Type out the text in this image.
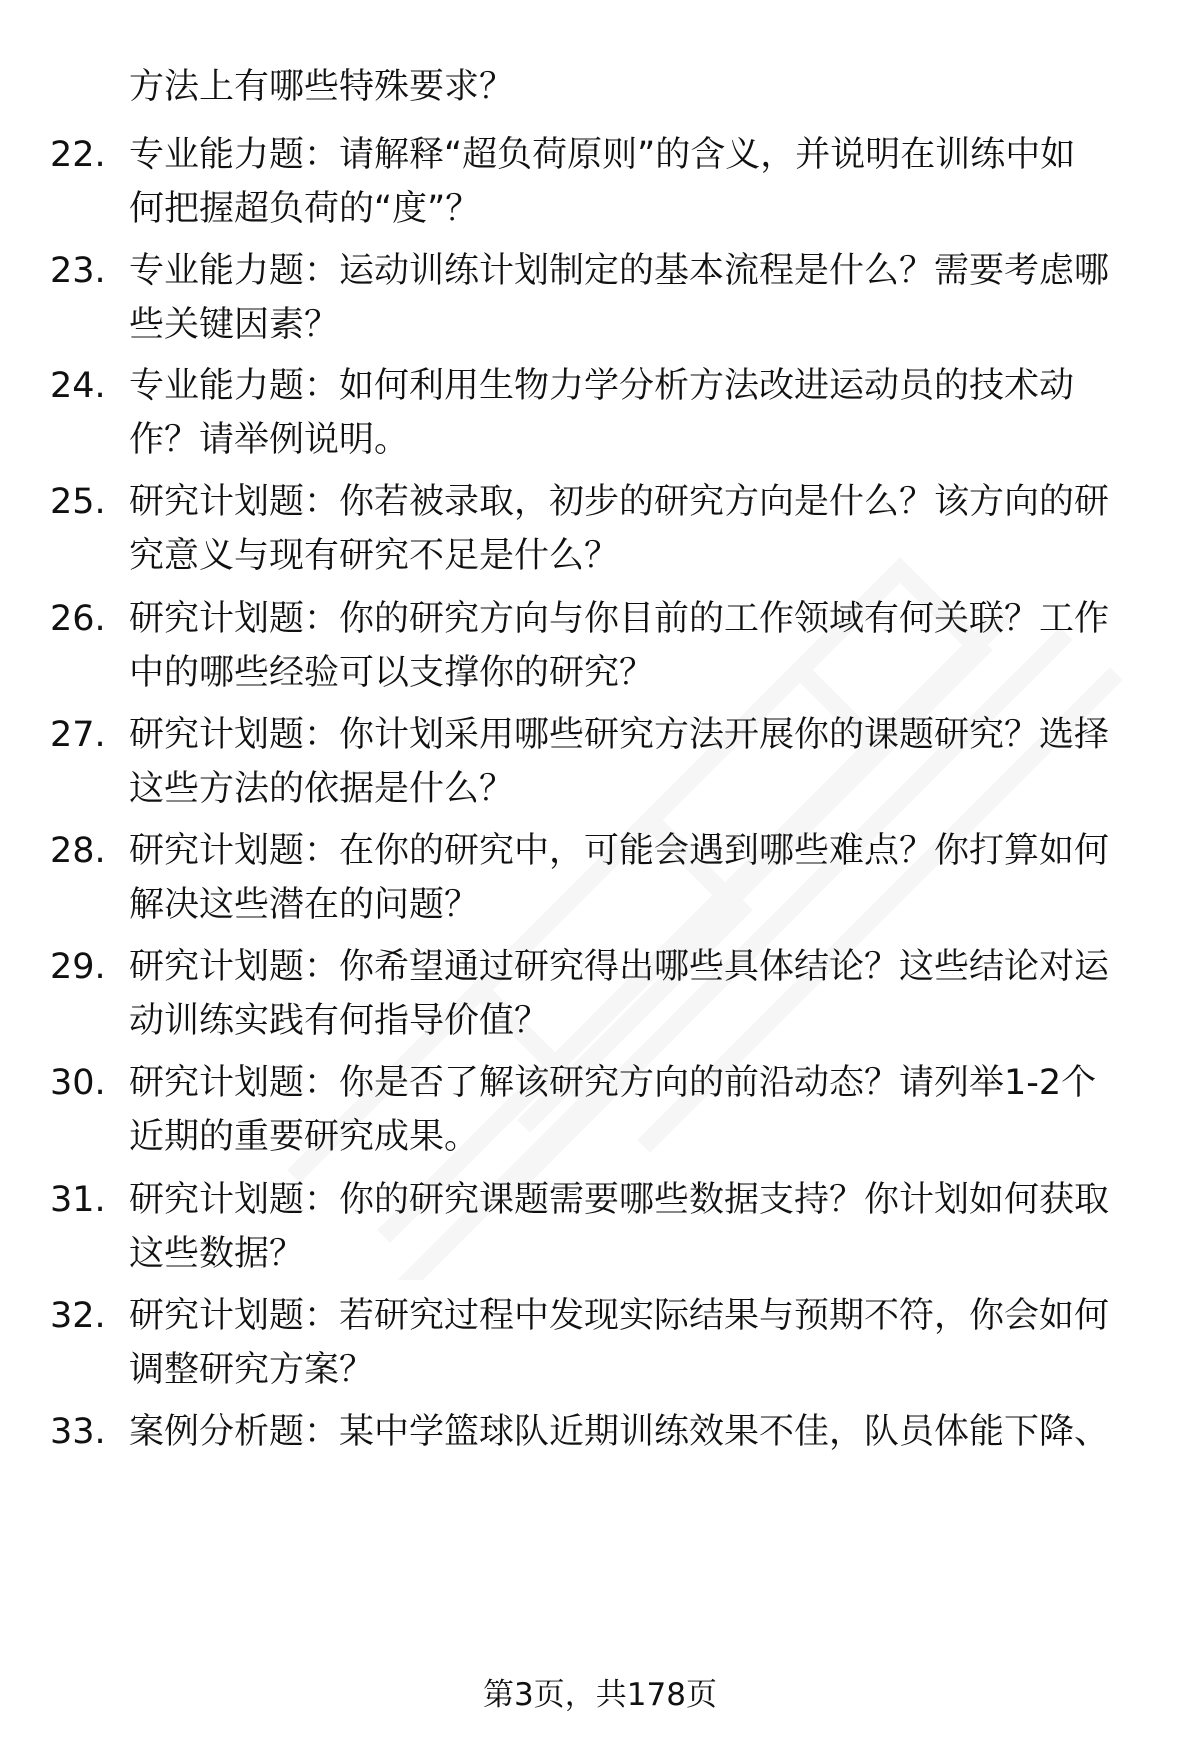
方法上有哪些特殊要求？
22. 专业能力题：请解释“超负荷原则”的含义，并说明在训练中如
何把握超负荷的“度”？
23. 专业能力题：运动训练计划制定的基本流程是什么？需要考虑哪
些关键因素？
24. 专业能力题：如何利用生物力学分析方法改进运动员的技术动
作？请举例说明。
25. 研究计划题：你若被录取，初步的研究方向是什么？该方向的研
究意义与现有研究不足是什么？
26. 研究计划题：你的研究方向与你目前的工作领域有何关联？工作
中的哪些经验可以支撑你的研究？
27. 研究计划题：你计划采用哪些研究方法开展你的课题研究？选择
这些方法的依据是什么？
28. 研究计划题：在你的研究中，可能会遇到哪些难点？你打算如何
解决这些潜在的问题？
29. 研究计划题：你希望通过研究得出哪些具体结论？这些结论对运
动训练实践有何指导价值？
30. 研究计划题：你是否了解该研究方向的前沿动态？请列举1-2个
近期的重要研究成果。
31. 研究计划题：你的研究课题需要哪些数据支持？你计划如何获取
这些数据？
32. 研究计划题：若研究过程中发现实际结果与预期不符，你会如何
调整研究方案？
33. 案例分析题：某中学篮球队近期训练效果不佳，队员体能下降、
第3页，共178页
